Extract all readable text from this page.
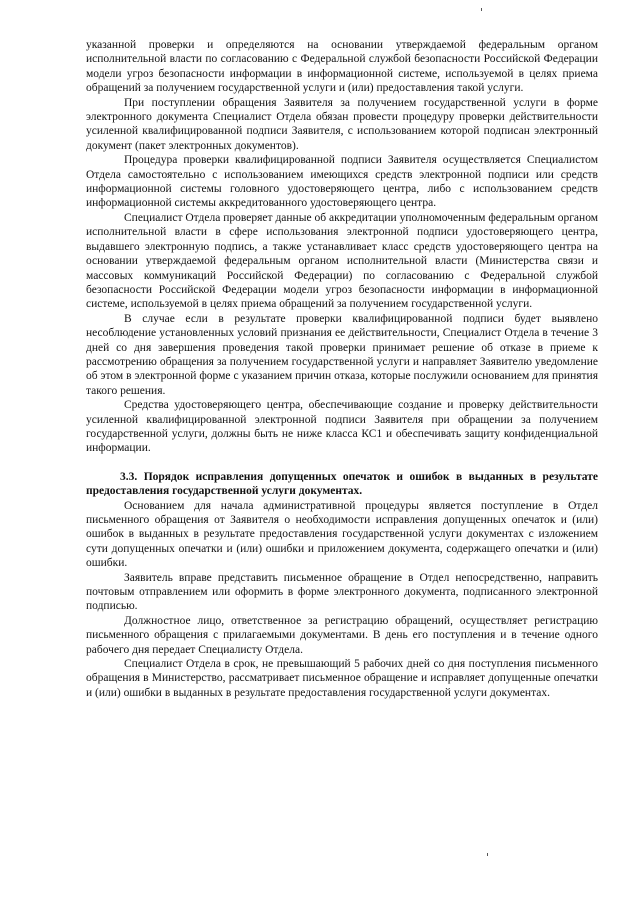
указанной проверки и определяются на основании утверждаемой федеральным органом исполнительной власти по согласованию с Федеральной службой безопасности Российской Федерации модели угроз безопасности информации в информационной системе, используемой в целях приема обращений за получением государственной услуги и (или) предоставления такой услуги.

При поступлении обращения Заявителя за получением государственной услуги в форме электронного документа Специалист Отдела обязан провести процедуру проверки действительности усиленной квалифицированной подписи Заявителя, с использованием которой подписан электронный документ (пакет электронных документов).

Процедура проверки квалифицированной подписи Заявителя осуществляется Специалистом Отдела самостоятельно с использованием имеющихся средств электронной подписи или средств информационной системы головного удостоверяющего центра, либо с использованием средств информационной системы аккредитованного удостоверяющего центра.

Специалист Отдела проверяет данные об аккредитации уполномоченным федеральным органом исполнительной власти в сфере использования электронной подписи удостоверяющего центра, выдавшего электронную подпись, а также устанавливает класс средств удостоверяющего центра на основании утверждаемой федеральным органом исполнительной власти (Министерства связи и массовых коммуникаций Российской Федерации) по согласованию с Федеральной службой безопасности Российской Федерации модели угроз безопасности информации в информационной системе, используемой в целях приема обращений за получением государственной услуги.

В случае если в результате проверки квалифицированной подписи будет выявлено несоблюдение установленных условий признания ее действительности, Специалист Отдела в течение 3 дней со дня завершения проведения такой проверки принимает решение об отказе в приеме к рассмотрению обращения за получением государственной услуги и направляет Заявителю уведомление об этом в электронной форме с указанием причин отказа, которые послужили основанием для принятия такого решения.

Средства удостоверяющего центра, обеспечивающие создание и проверку действительности усиленной квалифицированной электронной подписи Заявителя при обращении за получением государственной услуги, должны быть не ниже класса КС1 и обеспечивать защиту конфиденциальной информации.

3.3. Порядок исправления допущенных опечаток и ошибок в выданных в результате предоставления государственной услуги документах.

Основанием для начала административной процедуры является поступление в Отдел письменного обращения от Заявителя о необходимости исправления допущенных опечаток и (или) ошибок в выданных в результате предоставления государственной услуги документах с изложением сути допущенных опечатки и (или) ошибки и приложением документа, содержащего опечатки и (или) ошибки.

Заявитель вправе представить письменное обращение в Отдел непосредственно, направить почтовым отправлением или оформить в форме электронного документа, подписанного электронной подписью.

Должностное лицо, ответственное за регистрацию обращений, осуществляет регистрацию письменного обращения с прилагаемыми документами. В день его поступления и в течение одного рабочего дня передает Специалисту Отдела.

Специалист Отдела в срок, не превышающий 5 рабочих дней со дня поступления письменного обращения в Министерство, рассматривает письменное обращение и исправляет допущенные опечатки и (или) ошибки в выданных в результате предоставления государственной услуги документах.
